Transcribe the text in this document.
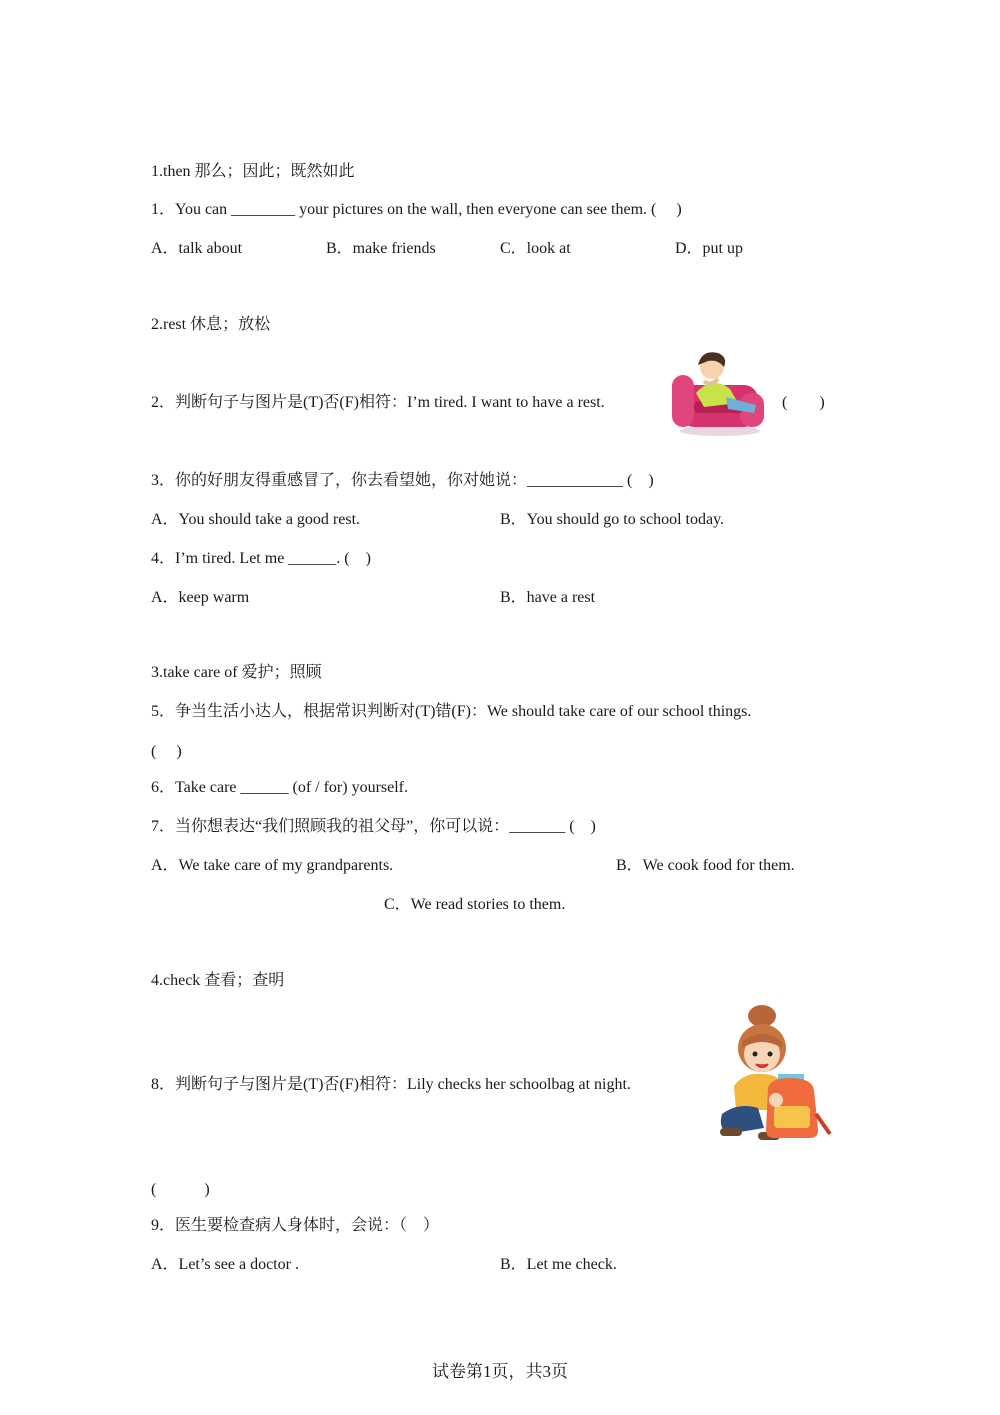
1.then 那么；因此；既然如此
1．You can ________ your pictures on the wall, then everyone can see them. (　 )
A．talk about	B．make friends	C．look at	D．put up
2.rest 休息；放松
2．判断句子与图片是(T)否(F)相符：I’m tired. I want to have a rest.	(　　)
3．你的好朋友得重感冒了，你去看望她，你对她说：____________ (　)
A．You should take a good rest.	B．You should go to school today.
4．I’m tired. Let me ______. (　)
A．keep warm	B．have a rest
3.take care of 爱护；照顾
5．争当生活小达人，根据常识判断对(T)错(F)：We should take care of our school things.
(　 )
6．Take care ______ (of / for) yourself.
7．当你想表达“我们照顾我的祖父母”，你可以说：_______ (　)
A．We take care of my grandparents.	B．We cook food for them.
C．We read stories to them.
4.check 查看；查明
8．判断句子与图片是(T)否(F)相符：Lily checks her schoolbag at night.
(　　　)
9．医生要检查病人身体时，会说：（　）
A．Let’s see a doctor .	B．Let me check.
试卷第1页，共3页
